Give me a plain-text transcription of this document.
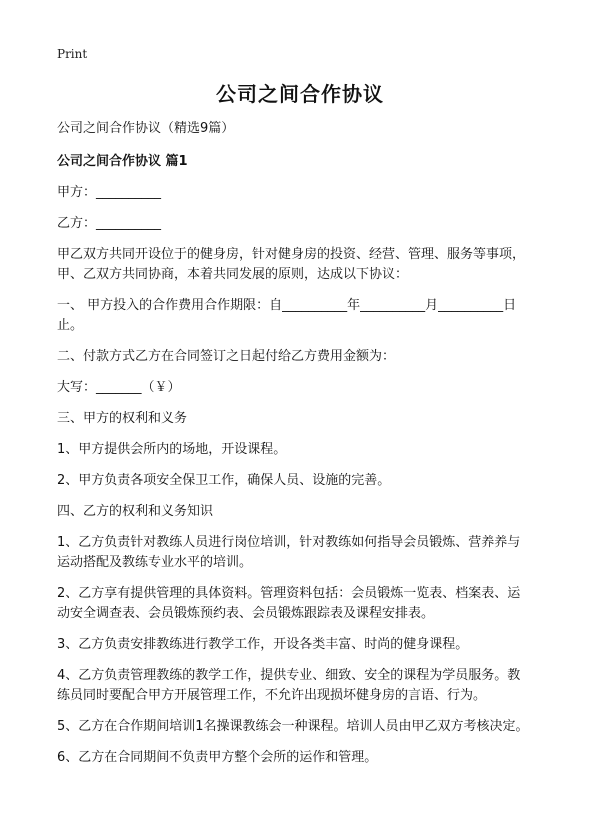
Print
公司之间合作协议
公司之间合作协议（精选9篇）
公司之间合作协议 篇1
甲方：__________
乙方：__________
甲乙双方共同开设位于的健身房，针对健身房的投资、经营、管理、服务等事项，
甲、乙双方共同协商，本着共同发展的原则，达成以下协议：
一、 甲方投入的合作费用合作期限：自__________年__________月__________日
止。
二、付款方式乙方在合同签订之日起付给乙方费用金额为：
大写：_______（￥）
三、甲方的权利和义务
1、甲方提供会所内的场地，开设课程。
2、甲方负责各项安全保卫工作，确保人员、设施的完善。
四、乙方的权利和义务知识
1、乙方负责针对教练人员进行岗位培训，针对教练如何指导会员锻炼、营养养与
运动搭配及教练专业水平的培训。
2、乙方享有提供管理的具体资料。管理资料包括：会员锻炼一览表、档案表、运
动安全调查表、会员锻炼预约表、会员锻炼跟踪表及课程安排表。
3、乙方负责安排教练进行教学工作，开设各类丰富、时尚的健身课程。
4、乙方负责管理教练的教学工作，提供专业、细致、安全的课程为学员服务。教
练员同时要配合甲方开展管理工作，不允许出现损坏健身房的言语、行为。
5、乙方在合作期间培训1名操课教练会一种课程。培训人员由甲乙双方考核决定。
6、乙方在合同期间不负责甲方整个会所的运作和管理。
